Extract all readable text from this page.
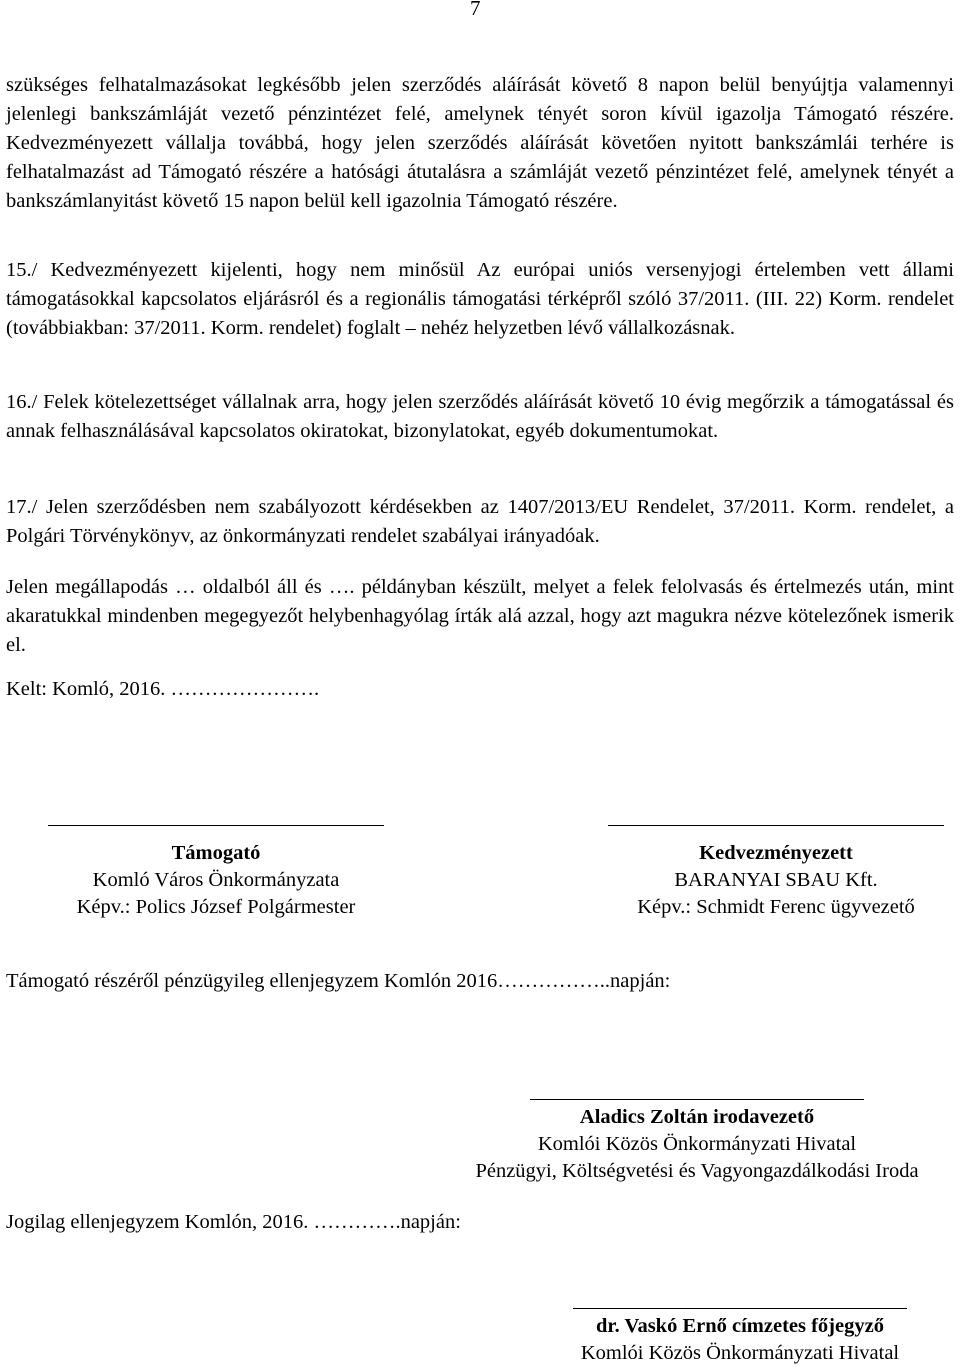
7

szükséges felhatalmazásokat legkésőbb jelen szerződés aláírását követő 8 napon belül benyújtja valamennyi jelenlegi bankszámláját vezető pénzintézet felé, amelynek tényét soron kívül igazolja Támogató részére. Kedvezményezett vállalja továbbá, hogy jelen szerződés aláírását követően nyitott bankszámlái terhére is felhatalmazást ad Támogató részére a hatósági átutalásra a számláját vezető pénzintézet felé, amelynek tényét a bankszámlanyitást követő 15 napon belül kell igazolnia Támogató részére.

15./ Kedvezményezett kijelenti, hogy nem minősül Az európai uniós versenyjogi értelemben vett állami támogatásokkal kapcsolatos eljárásról és a regionális támogatási térképről szóló 37/2011. (III. 22) Korm. rendelet (továbbiakban: 37/2011. Korm. rendelet) foglalt – nehéz helyzetben lévő vállalkozásnak.

16./ Felek kötelezettséget vállalnak arra, hogy jelen szerződés aláírását követő 10 évig megőrzik a támogatással és annak felhasználásával kapcsolatos okiratokat, bizonylatokat, egyéb dokumentumokat.

17./ Jelen szerződésben nem szabályozott kérdésekben az 1407/2013/EU Rendelet, 37/2011. Korm. rendelet, a Polgári Törvénykönyv, az önkormányzati rendelet szabályai irányadóak.

Jelen megállapodás … oldalból áll és …. példányban készült, melyet a felek felolvasás és értelmezés után, mint akaratukkal mindenben megegyezőt helybenhagyólag írták alá azzal, hogy azt magukra nézve kötelezőnek ismerik el.

Kelt: Komló, 2016. ………………….
Támogató
Komló Város Önkormányzata
Képv.: Polics József Polgármester
Kedvezményezett
BARANYAI SBAU Kft.
Képv.: Schmidt Ferenc ügyvezető
Támogató részéről pénzügyileg ellenjegyzem Komlón 2016……………..napján:
Aladics Zoltán irodavezető
Komlói Közös Önkormányzati Hivatal
Pénzügyi, Költségvetési és Vagyongazdálkodási Iroda
Jogilag ellenjegyzem Komlón, 2016. ………….napján:
dr. Vaskó Ernő címzetes főjegyző
Komlói Közös Önkormányzati Hivatal
